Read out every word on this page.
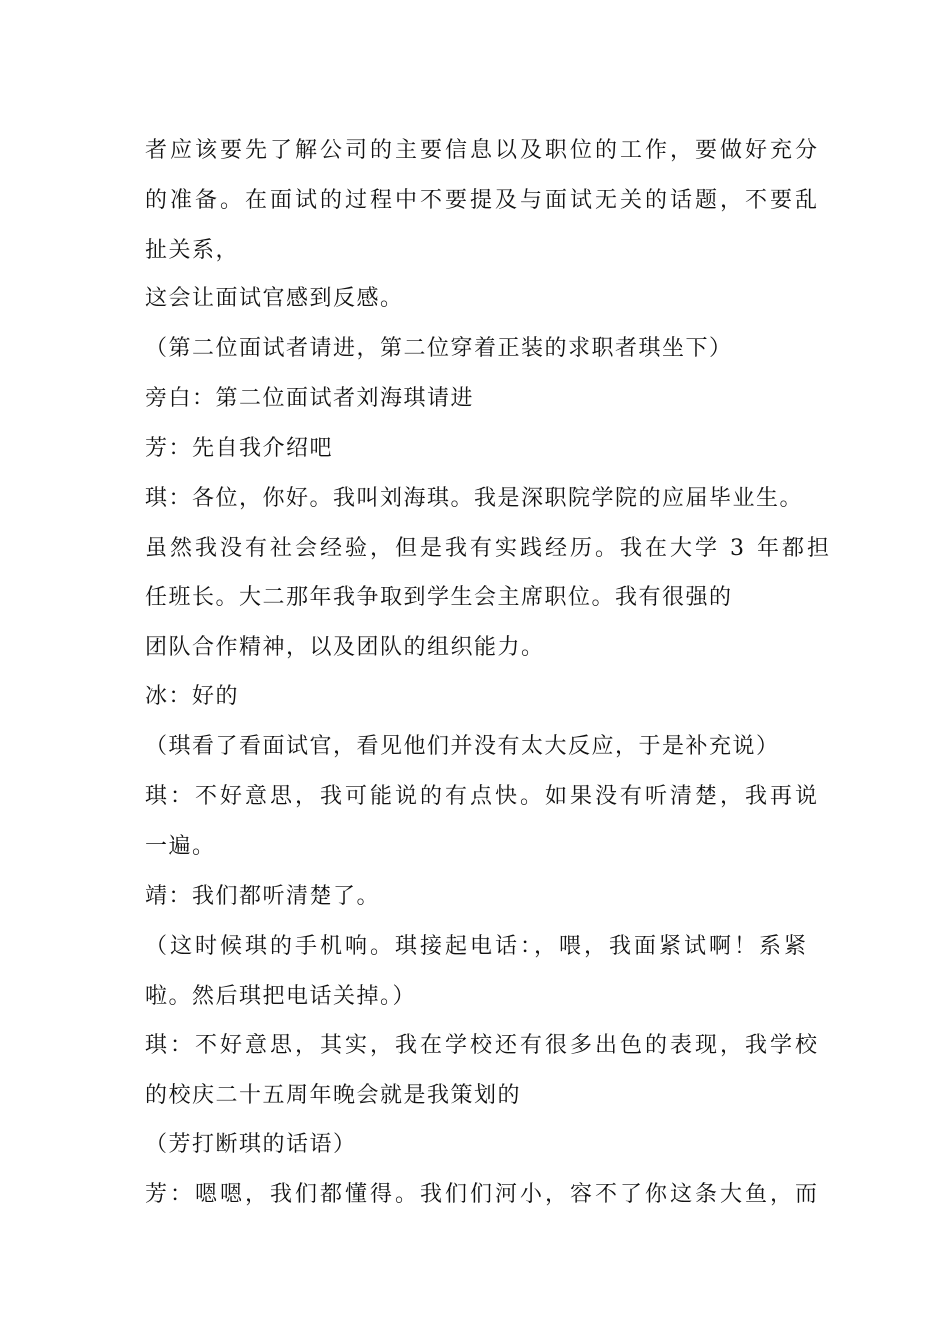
者应该要先了解公司的主要信息以及职位的工作，要做好充分
的准备。在面试的过程中不要提及与面试无关的话题，不要乱
扯关系，
这会让面试官感到反感。
（第二位面试者请进，第二位穿着正装的求职者琪坐下）
旁白：第二位面试者刘海琪请进
芳：先自我介绍吧
琪：各位，你好。我叫刘海琪。我是深职院学院的应届毕业生。
虽然我没有社会经验，但是我有实践经历。我在大学 3 年都担
任班长。大二那年我争取到学生会主席职位。我有很强的
团队合作精神，以及团队的组织能力。
冰：好的
（琪看了看面试官，看见他们并没有太大反应，于是补充说）
琪：不好意思，我可能说的有点快。如果没有听清楚，我再说
一遍。
靖：我们都听清楚了。
（这时候琪的手机响。琪接起电话：，喂，我面紧试啊！系紧
啦。然后琪把电话关掉。）
琪：不好意思，其实，我在学校还有很多出色的表现，我学校
的校庆二十五周年晚会就是我策划的
（芳打断琪的话语）
芳：嗯嗯，我们都懂得。我们们河小，容不了你这条大鱼，而
